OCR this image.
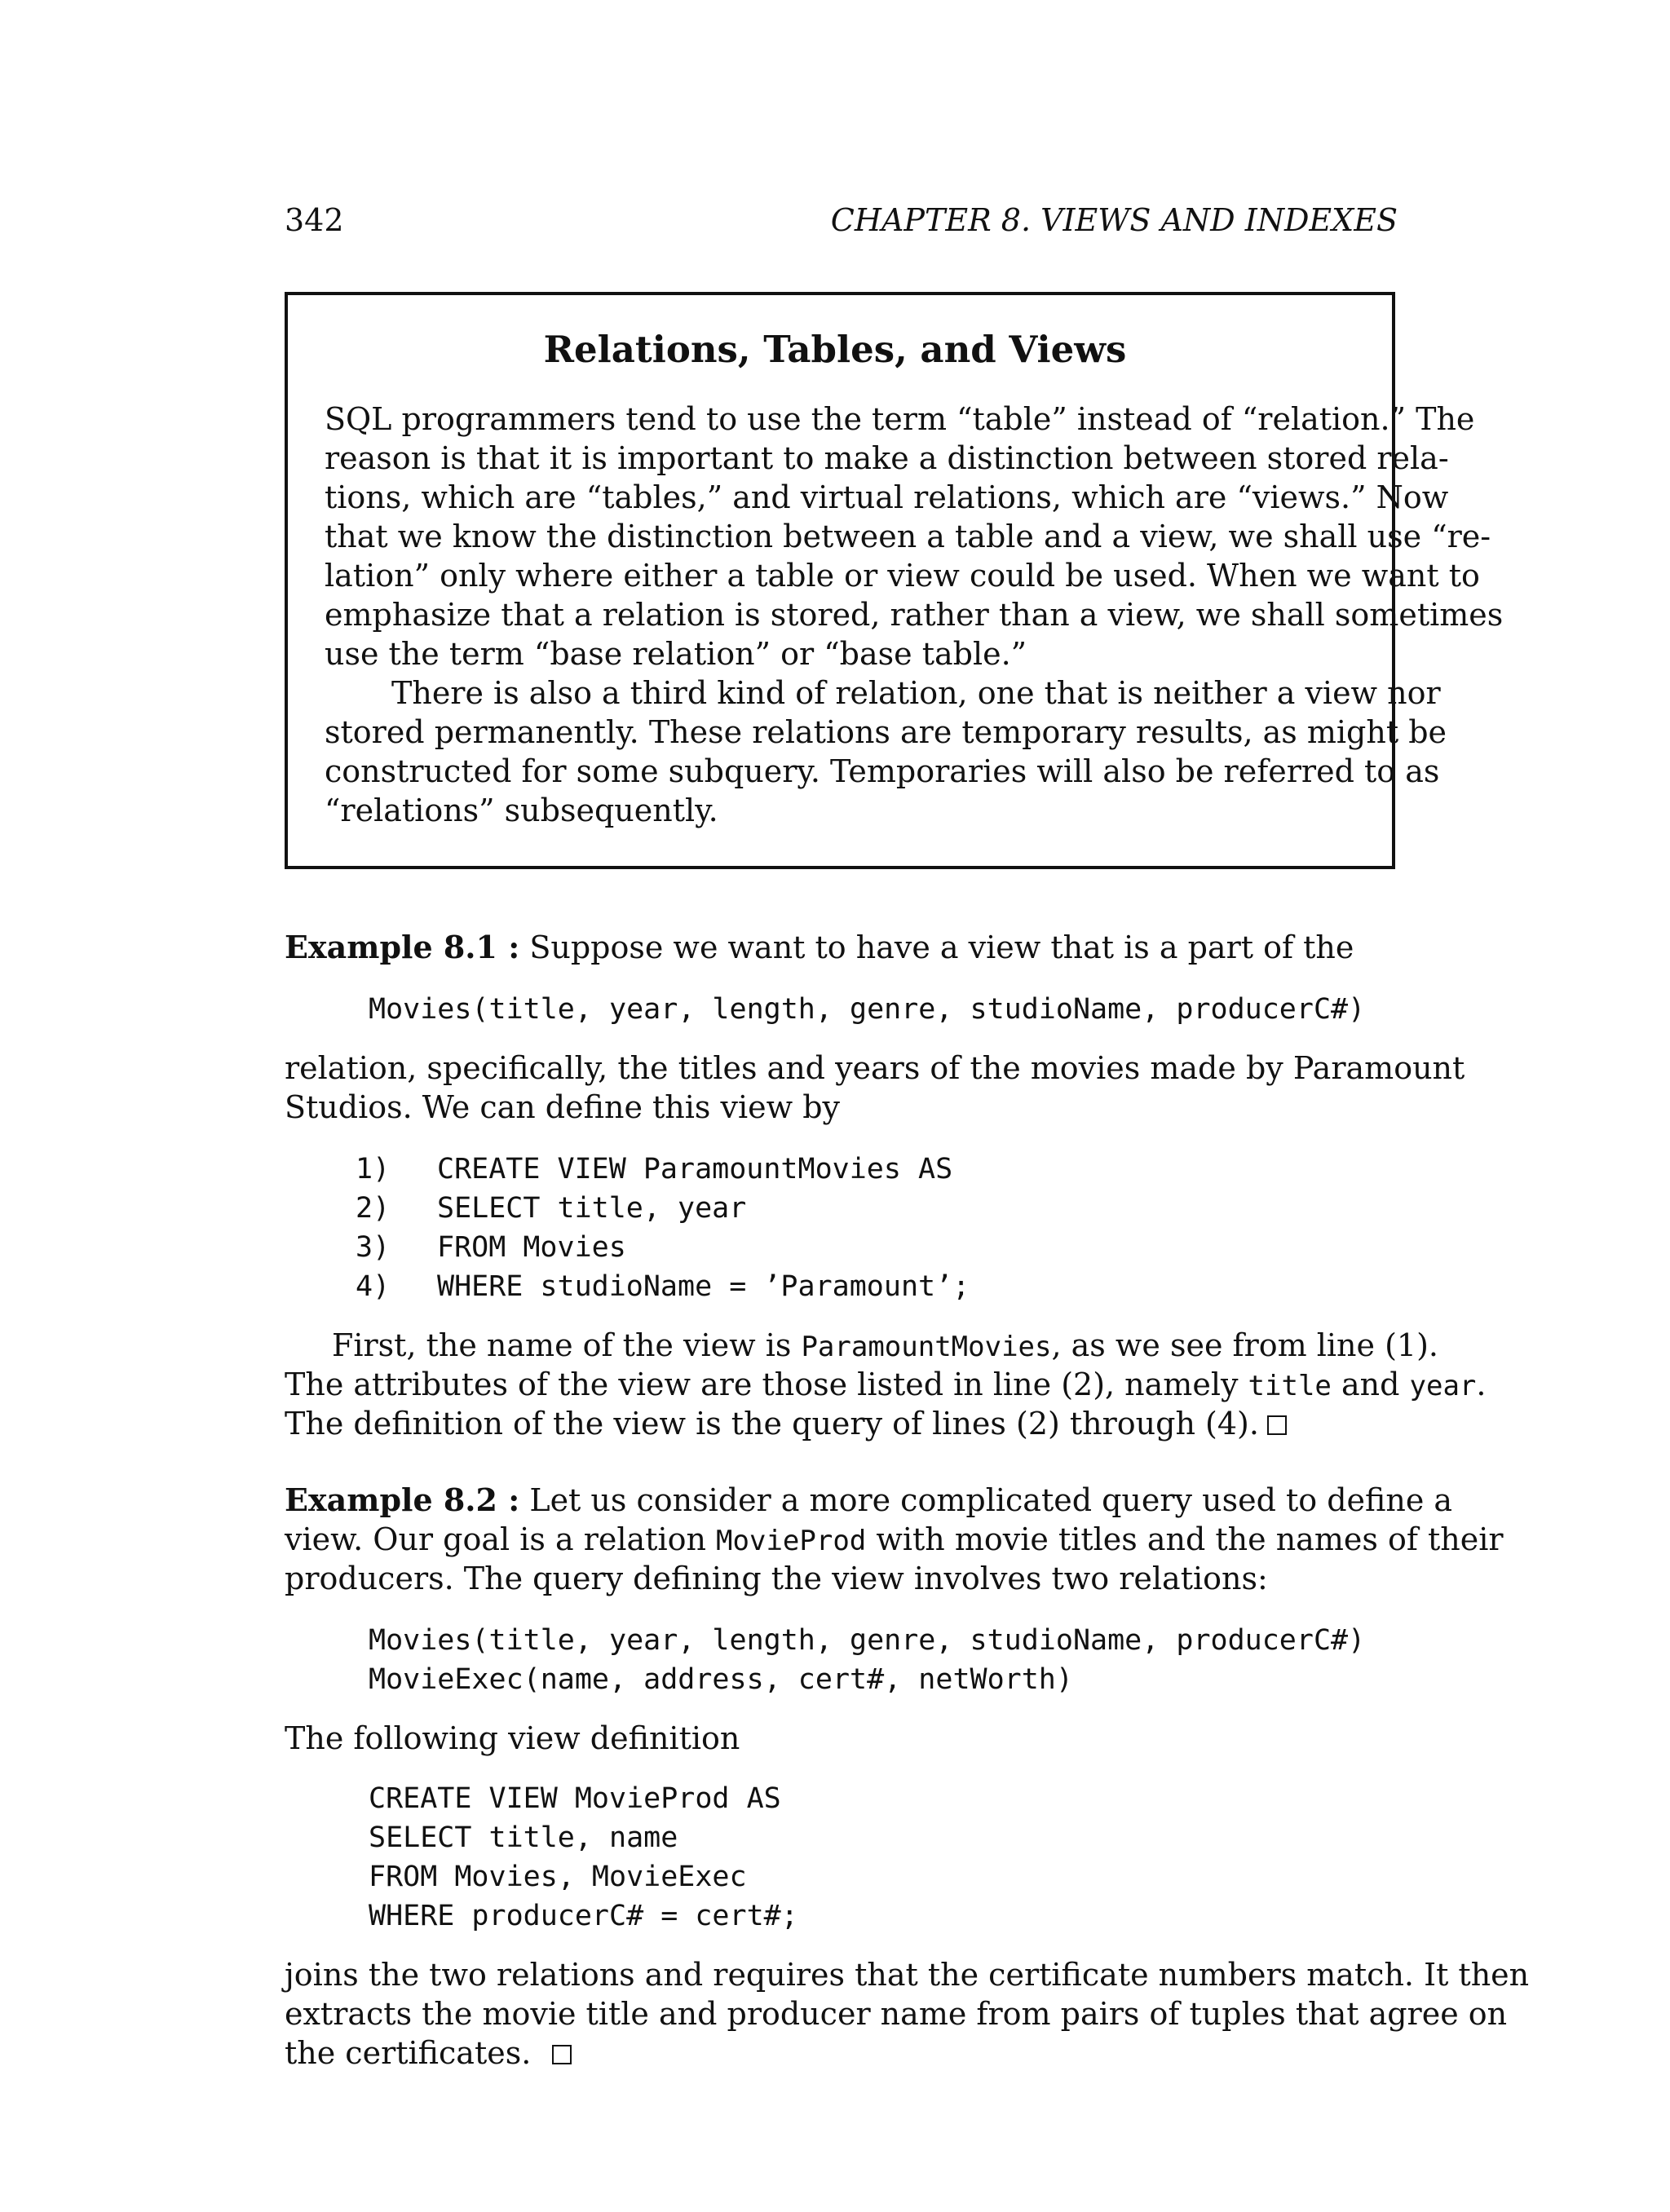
342	CHAPTER 8. VIEWS AND INDEXES
Relations, Tables, and Views
SQL programmers tend to use the term “table” instead of “relation.” The
reason is that it is important to make a distinction between stored rela-
tions, which are “tables,” and virtual relations, which are “views.” Now
that we know the distinction between a table and a view, we shall use “re-
lation” only where either a table or view could be used. When we want to
emphasize that a relation is stored, rather than a view, we shall sometimes
use the term “base relation” or “base table.”
There is also a third kind of relation, one that is neither a view nor
stored permanently. These relations are temporary results, as might be
constructed for some subquery. Temporaries will also be referred to as
“relations” subsequently.
Example 8.1 : Suppose we want to have a view that is a part of the
Movies(title, year, length, genre, studioName, producerC#)
relation, specifically, the titles and years of the movies made by Paramount
Studios. We can define this view by
1)
2)
3)
4)
CREATE VIEW ParamountMovies AS
SELECT title, year
FROM Movies
WHERE studioName = ’Paramount’;
First, the name of the view is ParamountMovies, as we see from line (1).
The attributes of the view are those listed in line (2), namely title and year.
The definition of the view is the query of lines (2) through (4).
Example 8.2 : Let us consider a more complicated query used to define a
view. Our goal is a relation MovieProd with movie titles and the names of their
producers. The query defining the view involves two relations:
Movies(title, year, length, genre, studioName, producerC#)
MovieExec(name, address, cert#, netWorth)
The following view definition
CREATE VIEW MovieProd AS
SELECT title, name
FROM Movies, MovieExec
WHERE producerC# = cert#;
joins the two relations and requires that the certificate numbers match. It then
extracts the movie title and producer name from pairs of tuples that agree on
the certificates.
